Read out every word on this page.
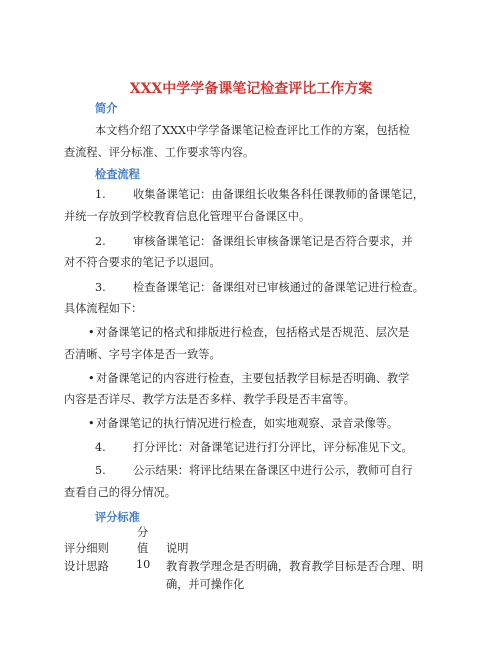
XXX中学学备课笔记检查评比工作方案
简介
本文档介绍了XXX中学学备课笔记检查评比工作的方案，包括检
查流程、评分标准、工作要求等内容。
检查流程
1. 收集备课笔记：由备课组长收集各科任课教师的备课笔记，
并统一存放到学校教育信息化管理平台备课区中。
2. 审核备课笔记：备课组长审核备课笔记是否符合要求，并
对不符合要求的笔记予以退回。
3. 检查备课笔记：备课组对已审核通过的备课笔记进行检查。
具体流程如下：
• 对备课笔记的格式和排版进行检查，包括格式是否规范、层次是
否清晰、字号字体是否一致等。
• 对备课笔记的内容进行检查，主要包括教学目标是否明确、教学
内容是否详尽、教学方法是否多样、教学手段是否丰富等。
• 对备课笔记的执行情况进行检查，如实地观察、录音录像等。
4. 打分评比：对备课笔记进行打分评比，评分标准见下文。
5. 公示结果：将评比结果在备课区中进行公示，教师可自行
查看自己的得分情况。
评分标准
分
评分细则	值 说明
设计思路 10 教育教学理念是否明确，教育教学目标是否合理、明
确，并可操作化
